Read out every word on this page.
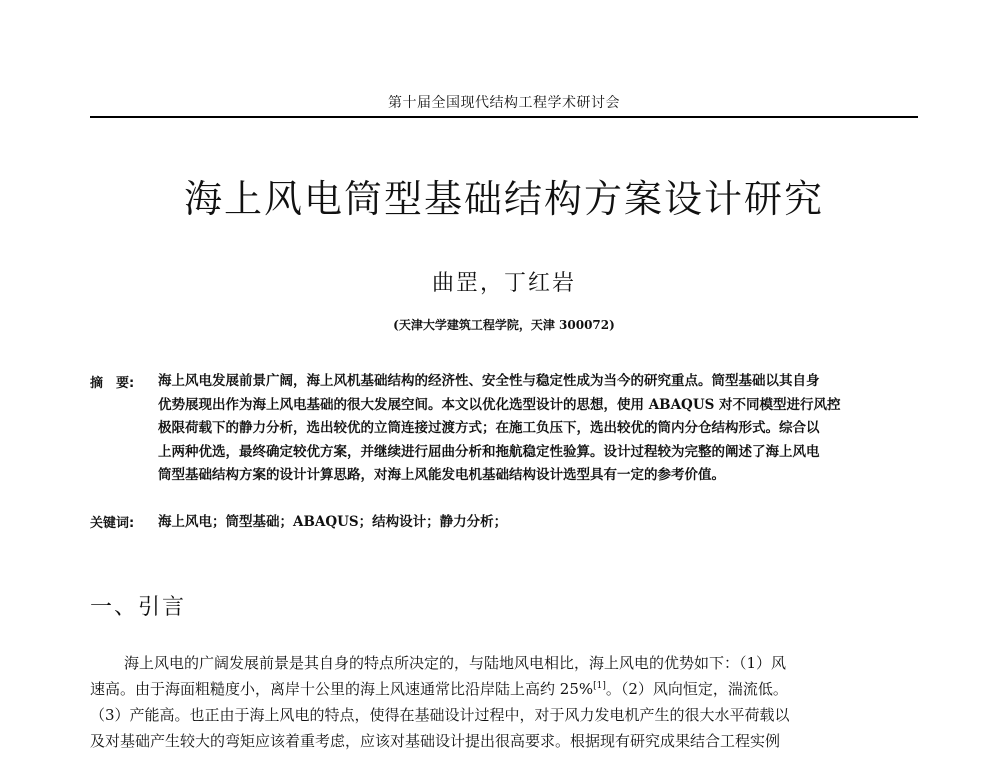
第十届全国现代结构工程学术研讨会
海上风电筒型基础结构方案设计研究
曲罡，丁红岩
(天津大学建筑工程学院，天津 300072)
摘　要: 海上风电发展前景广阔，海上风机基础结构的经济性、安全性与稳定性成为当今的研究重点。筒型基础以其自身
优势展现出作为海上风电基础的很大发展空间。本文以优化选型设计的思想，使用 ABAQUS 对不同模型进行风控
极限荷载下的静力分析，选出较优的立筒连接过渡方式；在施工负压下，选出较优的筒内分仓结构形式。综合以
上两种优选，最终确定较优方案，并继续进行屈曲分析和拖航稳定性验算。设计过程较为完整的阐述了海上风电
筒型基础结构方案的设计计算思路，对海上风能发电机基础结构设计选型具有一定的参考价值。
关键词: 海上风电；筒型基础；ABAQUS；结构设计；静力分析；
一、引言
海上风电的广阔发展前景是其自身的特点所决定的，与陆地风电相比，海上风电的优势如下：（1）风
速高。由于海面粗糙度小，离岸十公里的海上风速通常比沿岸陆上高约 25%[1]。（2）风向恒定，湍流低。
（3）产能高。也正由于海上风电的特点，使得在基础设计过程中，对于风力发电机产生的很大水平荷载以
及对基础产生较大的弯矩应该着重考虑，应该对基础设计提出很高要求。根据现有研究成果结合工程实例
